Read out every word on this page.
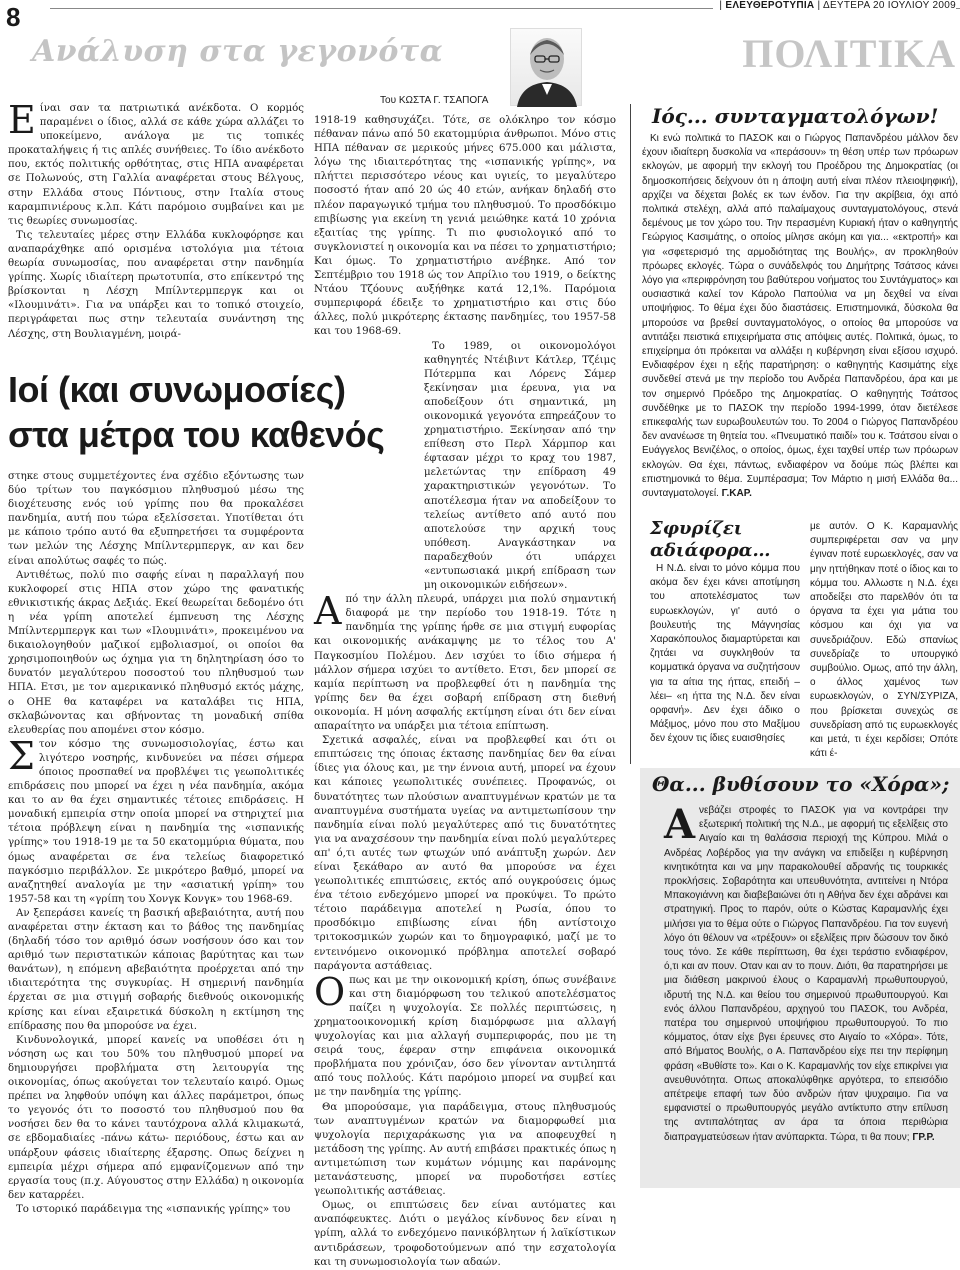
8	| ΕΛΕΥΘΕΡΟΤΥΠΙΑ | ΔΕΥΤΕΡΑ 20 ΙΟΥΛΙΟΥ 2009
Ανάλυση στα γεγονότα	ΠΟΛΙΤΙΚΑ
Του ΚΩΣΤΑ Γ. ΤΣΑΠΟΓΑ

Είναι σαν τα πατριωτικά ανέκδοτα. Ο κορμός παραμένει ο ίδιος, αλλά σε κάθε χώρα αλλάζει το υποκείμενο, ανάλογα με τις τοπικές προκαταλήψεις ή τις απλές συνήθειες. Το ίδιο ανέκδοτο που, εκτός πολιτικής ορθότητας, στις ΗΠΑ αναφέρεται σε Πολωνούς, στη Γαλλία αναφέρεται στους Βέλγους, στην Ελλάδα στους Πόντιους, στην Ιταλία στους καραμπινιέρους κ.λπ. Κάτι παρόμοιο συμβαίνει και με τις θεωρίες συνωμοσίας.

Τις τελευταίες μέρες στην Ελλάδα κυκλοφόρησε και αναπαράχθηκε από ορισμένα ιστολόγια μια τέτοια θεωρία συνωμοσίας, που αναφέρεται στην πανδημία γρίπης. Χωρίς ιδιαίτερη πρωτοτυπία, στο επίκεντρό της βρίσκονται η Λέσχη Μπίλντερμπεργκ και οι «Ιλουμινάτι». Για να υπάρξει και το τοπικό στοιχείο, περιγράφεται πως στην τελευταία συνάντηση της Λέσχης, στη Βουλιαγμένη, μοιρά-

Ιοί (και συνωμοσίες)
στα μέτρα του καθενός

στηκε στους συμμετέχοντες ένα σχέδιο εξόντωσης των δύο τρίτων του παγκόσμιου πληθυσμού μέσω της διοχέτευσης ενός ιού γρίπης που θα προκαλέσει πανδημία, αυτή που τώρα εξελίσσεται. Υποτίθεται ότι με κάποιο τρόπο αυτό θα εξυπηρετήσει τα συμφέροντα των μελών της Λέσχης Μπίλντερμπεργκ, αν και δεν είναι απολύτως σαφές το πώς.

Αντιθέτως, πολύ πιο σαφής είναι η παραλλαγή που κυκλοφορεί στις ΗΠΑ στον χώρο της φανατικής εθνικιστικής άκρας Δεξιάς. Εκεί θεωρείται δεδομένο ότι η νέα γρίπη αποτελεί έμπνευση της Λέσχης Μπίλντερμπεργκ και των «Ιλουμινάτι», προκειμένου να δικαιολογηθούν μαζικοί εμβολιασμοί, οι οποίοι θα χρησιμοποιηθούν ως όχημα για τη δηλητηρίαση όσο το δυνατόν μεγαλύτερου ποσοστού του πληθυσμού των ΗΠΑ. Ετσι, με τον αμερικανικό πληθυσμό εκτός μάχης, ο ΟΗΕ θα καταφέρει να καταλάβει τις ΗΠΑ, σκλαβώνοντας και σβήνοντας τη μοναδική σπίθα ελευθερίας που απομένει στον κόσμο.

Στον κόσμο της συνωμοσιολογίας, έστω και λιγότερο νοσηρής, κινδυνεύει να πέσει σήμερα όποιος προσπαθεί να προβλέψει τις γεωπολιτικές επιδράσεις που μπορεί να έχει η νέα πανδημία, ακόμα και το αν θα έχει σημαντικές τέτοιες επιδράσεις. Η μοναδική εμπειρία στην οποία μπορεί να στηριχτεί μια τέτοια πρόβλεψη είναι η πανδημία της «ισπανικής γρίπης» του 1918-19 με τα 50 εκατομμύρια θύματα, που όμως αναφέρεται σε ένα τελείως διαφορετικό παγκόσμιο περιβάλλον. Σε μικρότερο βαθμό, μπορεί να αναζητηθεί αναλογία με την «ασιατική γρίπη» του 1957-58 και τη «γρίπη του Χονγκ Κονγκ» του 1968-69.

Αν ξεπεράσει κανείς τη βασική αβεβαιότητα, αυτή που αναφέρεται στην έκταση και το βάθος της πανδημίας (δηλαδή τόσο τον αριθμό όσων νοσήσουν όσο και τον αριθμό των περιστατικών κάποιας βαρύτητας και των θανάτων), η επόμενη αβεβαιότητα προέρχεται από την ιδιαιτερότητα της συγκυρίας. Η σημερινή πανδημία έρχεται σε μια στιγμή σοβαρής διεθνούς οικονομικής κρίσης και είναι εξαιρετικά δύσκολη η εκτίμηση της επίδρασης που θα μπορούσε να έχει.

Κινδυνολογικά, μπορεί κανείς να υποθέσει ότι η νόσηση ως και του 50% του πληθυσμού μπορεί να δημιουργήσει προβλήματα στη λειτουργία της οικονομίας, όπως ακούγεται τον τελευταίο καιρό. Ομως πρέπει να ληφθούν υπόψη και άλλες παράμετροι, όπως το γεγονός ότι το ποσοστό του πληθυσμού που θα νοσήσει δεν θα το κάνει ταυτόχρονα αλλά κλιμακωτά, σε εβδομαδιαίες -πάνω κάτω- περιόδους, έστω και αν υπάρξουν φάσεις ιδιαίτερης έξαρσης. Οπως δείχνει η εμπειρία μέχρι σήμερα από εμφανίζομενων από την εργασία τους (π.χ. Αύγουστος στην Ελλάδα) η οικονομία δεν καταρρέει.

Το ιστορικό παράδειγμα της «ισπανικής γρίπης» του

1918-19 καθησυχάζει. Τότε, σε ολόκληρο τον κόσμο πέθαναν πάνω από 50 εκατομμύρια άνθρωποι. Μόνο στις ΗΠΑ πέθαναν σε μερικούς μήνες 675.000 και μάλιστα, λόγω της ιδιαιτερότητας της «ισπανικής γρίπης», να πλήττει περισσότερο νέους και υγιείς, το μεγαλύτερο ποσοστό ήταν από 20 ώς 40 ετών, ανήκαν δηλαδή στο πλέον παραγωγικό τμήμα του πληθυσμού. Το προσδόκιμο επιβίωσης για εκείνη τη γενιά μειώθηκε κατά 10 χρόνια εξαιτίας της γρίπης. Τι πιο φυσιολογικό από το συγκλονιστεί η οικονομία και να πέσει το χρηματιστήριο; Και όμως. Το χρηματιστήριο ανέβηκε. Από τον Σεπτέμβριο του 1918 ώς τον Απρίλιο του 1919, ο δείκτης Ντάου Τζόουνς αυξήθηκε κατά 12,1%. Παρόμοια συμπεριφορά έδειξε το χρηματιστήριο και στις δύο άλλες, πολύ μικρότερης έκτασης πανδημίες, του 1957-58 και του 1968-69.

Το 1989, οι οικονομολόγοι καθηγητές Ντέιβιντ Κάτλερ, Τζέιμς Πότερμπα και Λόρενς Σάμερ ξεκίνησαν μια έρευνα, για να αποδείξουν ότι σημαντικά, μη οικονομικά γεγονότα επηρεάζουν το χρηματιστήριο. Ξεκίνησαν από την επίθεση στο Περλ Χάρμπορ και έφτασαν μέχρι το κραχ του 1987, μελετώντας την επίδραση 49 χαρακτηριστικών γεγονότων. Το αποτέλεσμα ήταν να αποδείξουν το τελείως αντίθετο από αυτό που αποτελούσε την αρχική τους υπόθεση. Αναγκάστηκαν να παραδεχθούν ότι υπάρχει «εντυπωσιακά μικρή επίδραση των μη οικονομικών ειδήσεων».

Από την άλλη πλευρά, υπάρχει μια πολύ σημαντική διαφορά με την περίοδο του 1918-19. Τότε η πανδημία της γρίπης ήρθε σε μια στιγμή ευφορίας και οικονομικής ανάκαμψης με το τέλος του Α' Παγκοσμίου Πολέμου. Δεν ισχύει το ίδιο σήμερα ή μάλλον σήμερα ισχύει το αντίθετο. Ετσι, δεν μπορεί σε καμία περίπτωση να προβλεφθεί ότι η πανδημία της γρίπης δεν θα έχει σοβαρή επίδραση στη διεθνή οικονομία. Η μόνη ασφαλής εκτίμηση είναι ότι δεν είναι απαραίτητο να υπάρξει μια τέτοια επίπτωση.

Σχετικά ασφαλές, είναι να προβλεφθεί και ότι οι επιπτώσεις της όποιας έκτασης πανδημίας δεν θα είναι ίδιες για όλους και, με την έννοια αυτή, μπορεί να έχουν και κάποιες γεωπολιτικές συνέπειες. Προφανώς, οι δυνατότητες των πλούσιων αναπτυγμένων κρατών με τα αναπτυγμένα συστήματα υγείας να αντιμετωπίσουν την πανδημία είναι πολύ μεγαλύτερες από τις δυνατότητες για να αναχσέσουν την πανδημία είναι πολύ μεγαλύτερες απ' ό,τι αυτές των φτωχών υπό ανάπτυξη χωρών. Δεν είναι ξεκάθαρο αν αυτό θα μπορούσε να έχει γεωπολιτικές επιπτώσεις, εκτός από ουγκρούσεις όμως ένα τέτοιο ενδεχόμενο μπορεί να προκύψει. Το πρώτο τέτοιο παράδειγμα αποτελεί η Ρωσία, όπου το προσδόκιμο επιβίωσης είναι ήδη αντίστοιχο τριτοκοσμικών χωρών και το δημογραφικό, μαζί με το εντεινόμενο οικονομικό πρόβλημα αποτελεί σοβαρό παράγοντα αστάθειας.

Οπως και με την οικονομική κρίση, όπως συνέβαινε και στη διαμόρφωση του τελικού αποτελέσματος παίζει η ψυχολογία. Σε πολλές περιπτώσεις, η χρηματοοικονομική κρίση διαμόρφωσε μια αλλαγή ψυχολογίας και μια αλλαγή συμπεριφοράς, που με τη σειρά τους, έφεραν στην επιφάνεια οικονομικά προβλήματα που χρόνιζαν, όσο δεν γίνονταν αντιληπτά από τους πολλούς. Κάτι παρόμοιο μπορεί να συμβεί και με την πανδημία της γρίπης.

Θα μπορούσαμε, για παράδειγμα, στους πληθυσμούς των αναπτυγμένων κρατών να διαμορφωθεί μια ψυχολογία περιχαράκωσης για να αποφευχθεί η μετάδοση της γρίπης. Αν αυτή επιβάσει πρακτικές όπως η αντιμετώπιση των κυμάτων νόμιμης και παράνομης μετανάστευσης, μπορεί να πυροδοτήσει εστίες γεωπολιτικής αστάθειας.

Ομως, οι επιπτώσεις δεν είναι αυτόματες και αναπόφευκτες. Διότι ο μεγάλος κίνδυνος δεν είναι η γρίπη, αλλά το ενδεχόμενο πανικόβλητων ή λαϊκίστικων αντιδράσεων, τροφοδοτούμενων από την εσχατολογία και τη συνωμοσιολογία των αδαών.

Ιός... συνταγματολόγων!

Κι ενώ πολιτικά το ΠΑΣΟΚ και ο Γιώργος Παπανδρέου μάλλον δεν έχουν ιδιαίτερη δυσκολία να «περάσουν» τη θέση υπέρ των πρόωρων εκλογών, με αφορμή την εκλογή του Προέδρου της Δημοκρατίας (οι δημοσκοπήσεις δείχνουν ότι η άποψη αυτή είναι πλέον πλειοψηφική), αρχίζει να δέχεται βολές εκ των ένδον. Για την ακρίβεια, όχι από πολιτικά στελέχη, αλλά από παλαίμαχους συνταγματολόγους, στενά δεμένους με τον χώρο του. Την περασμένη Κυριακή ήταν ο καθηγητής Γεώργιος Κασιμάτης, ο οποίος μίλησε ακόμη και για... «εκτροπή» και για «σφετερισμό της αρμοδιότητας της Βουλής», αν προκληθούν πρόωρες εκλογές. Τώρα ο συνάδελφός του Δημήτρης Τσάτσος κάνει λόγο για «περιφρόνηση του βαθύτερου νοήματος του Συντάγματος» και ουσιαστικά καλεί τον Κάρολο Παπούλια να μη δεχθεί να είναι υποψήφιος. Το θέμα έχει δύο διαστάσεις. Επιστημονικά, δύσκολα θα μπορούσε να βρεθεί συνταγματολόγος, ο οποίος θα μπορούσε να αντιτάξει πειστικά επιχειρήματα στις απόψεις αυτές. Πολιτικά, όμως, το επιχείρημα ότι πρόκειται να αλλάξει η κυβέρνηση είναι εξίσου ισχυρό. Ενδιαφέρον έχει η εξής παρατήρηση: ο καθηγητής Κασιμάτης είχε συνδεθεί στενά με την περίοδο του Ανδρέα Παπανδρέου, άρα και με τον σημερινό Πρόεδρο της Δημοκρατίας. Ο καθηγητής Τσάτσος συνδέθηκε με το ΠΑΣΟΚ την περίοδο 1994-1999, όταν διετέλεσε επικεφαλής των ευρωβουλευτών του. Το 2004 ο Γιώργος Παπανδρέου δεν ανανέωσε τη θητεία του. «Πνευματικό παιδί» του κ. Τσάτσου είναι ο Ευάγγελος Βενιζέλος, ο οποίος, όμως, έχει ταχθεί υπέρ των πρόωρων εκλογών. Θα έχει, πάντως, ενδιαφέρον να δούμε πώς βλέπει και επιστημονικά το θέμα. Συμπέρασμα; Τον Μάρτιο η μισή Ελλάδα θα... συνταγματολογεί. Γ.ΚΑΡ.

Σφυρίζει αδιάφορα…
Η Ν.Δ. είναι το μόνο κόμμα που ακόμα δεν έχει κάνει αποτίμηση του αποτελέσματος των ευρωεκλογών, γι' αυτό ο βουλευτής της Μάγνησίας Χαρακόπουλος διαμαρτύρεται και ζητάει να συγκληθούν τα κομματικά όργανα να συζητήσουν για τα αίτια της ήττας, επειδή –λέει– «η ήττα της Ν.Δ. δεν είναι ορφανή». Δεν έχει άδικο ο Μάξιμος, μόνο που στο Μαξίμου δεν έχουν τις ίδιες ευαισθησίες
με αυτόν. Ο Κ. Καραμανλής συμπεριφέρεται σαν να μην έγιναν ποτέ ευρωεκλογές, σαν να μην ηττήθηκαν ποτέ ο ίδιος και το κόμμα του. Αλλωστε η Ν.Δ. έχει αποδείξει στο παρελθόν ότι τα όργανα τα έχει για μάτια του κόσμου και όχι για να συνεδριάζουν. Εδώ σπανίως συνεδρίαζε το υπουργικό συμβούλιο. Ομως, από την άλλη, ο άλλος χαμένος των ευρωεκλογών, ο ΣΥΝ/ΣΥΡΙΖΑ, που βρίσκεται συνεχώς σε συνεδρίαση από τις ευρωεκλογές και μετά, τι έχει κερδίσει; Οπότε κάτι έ-
Θα... βυθίσουν το «Χόρα»;

Ανεβάζει στροφές το ΠΑΣΟΚ για να κοντράρει την εξωτερική πολιτική της Ν.Δ., με αφορμή τις εξελίξεις στο Αιγαίο και τη θαλάσσια περιοχή της Κύπρου. Μιλά ο Ανδρέας Λοβέρδος για την ανάγκη να επιδείξει η κυβέρνηση κινητικότητα και να μην παρακολουθεί αδρανής τις τουρκικές προκλήσεις. Σοβαρότητα και υπευθυνότητα, αντιτείνει η Ντόρα Μπακογιάννη και διαβεβαιώνει ότι η Αθήνα δεν έχει αδράνει και στρατηγική. Προς το παρόν, ούτε ο Κώστας Καραμανλής έχει μιλήσει για το θέμα ούτε ο Γιώργος Παπανδρέου. Για τον ευγενή λόγο ότι θέλουν να «τρέξουν» οι εξελίξεις πριν δώσουν τον δικό τους τόνο. Σε κάθε περίπτωση, θα έχει τεράστιο ενδιαφέρον, ό,τι και αν πουν. Οταν και αν το πουν. Διότι, θα παρατηρήσει με μια διάθεση μακρινού έλους ο Καραμανλή πρωθυπουργού, ιδρυτή της Ν.Δ. και θείου του σημερινού πρωθυπουργού. Και ενός άλλου Παπανδρέου, αρχηγού του ΠΑΣΟΚ, του Ανδρέα, πατέρα του σημερινού υποψήφιου πρωθυπουργού. Το πιο κόμματος, όταν είχε βγει έρευνες στο Αιγαίο το «Χόρα». Τότε, από Βήματος Βουλής, ο Α. Παπανδρέου είχε πει την περίφημη φράση «Βυθίστε το». Και ο Κ. Καραμανλής τον είχε επικρίνει για ανευθυνότητα. Οπως αποκαλύφθηκε αργότερα, το επεισόδιο απέτρεψε επαφή των δύο ανδρών ήταν ψυχραιμο. Για να εμφανιστεί ο πρωθυπουργός μεγάλο αντίκτυπο στην επίλυση της αντιπαλότητας αν άρα τα όποια περιθώρια διαπραγματεύσεων ήταν ανύπαρκτα. Τώρα, τι θα πουν; ΓΡ.Ρ.
